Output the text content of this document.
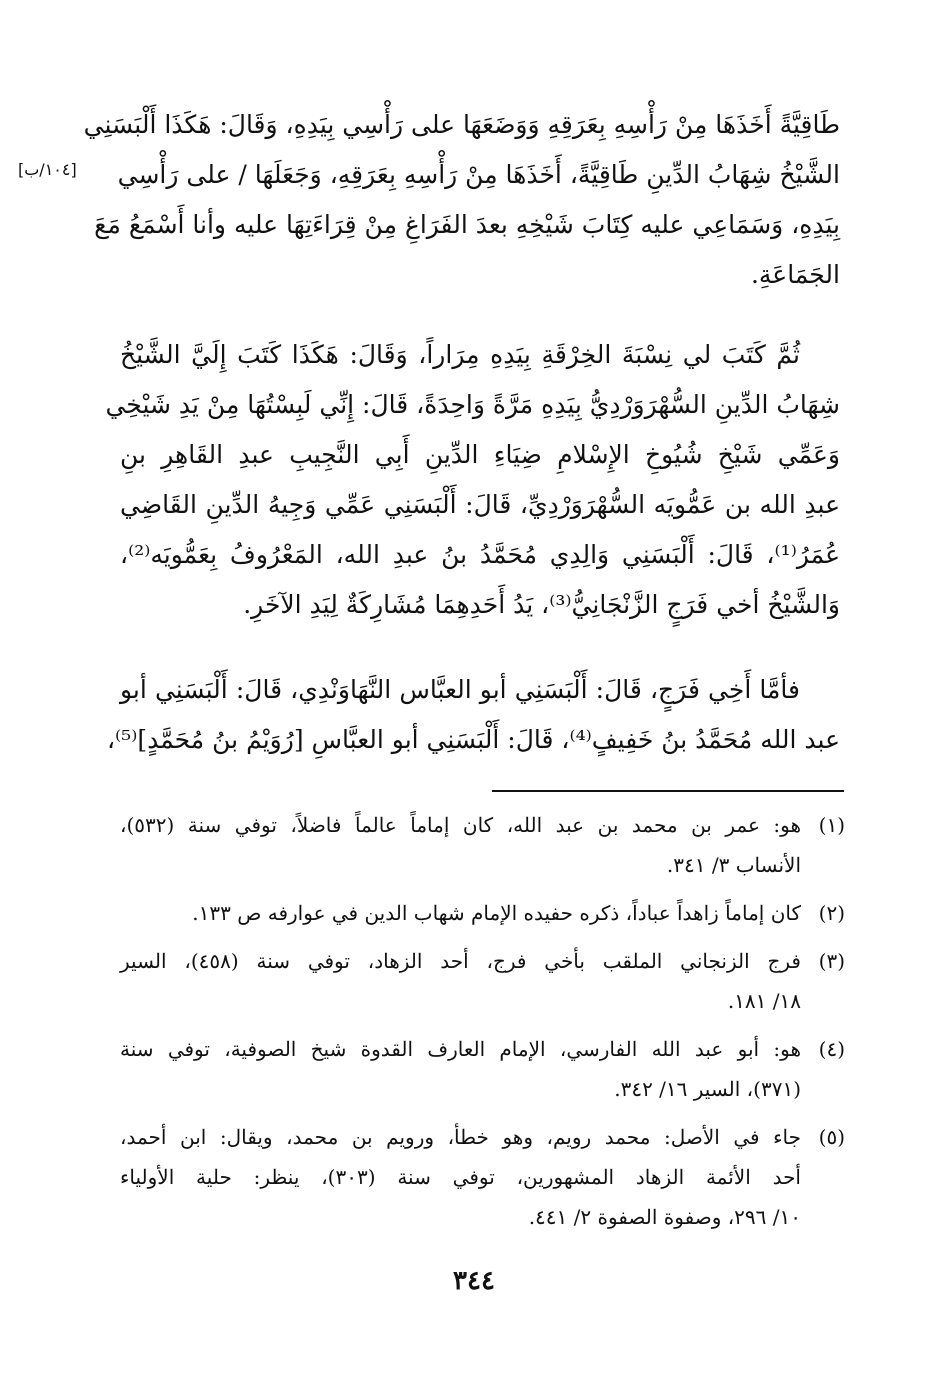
[١٠٤/ب]
طَاقِيَّةً أَخَذَهَا مِنْ رَأْسِهِ بِعَرَقِهِ وَوَضَعَهَا على رَأْسِي بِيَدِهِ، وَقَالَ: هَكَذَا أَلْبَسَنِي
الشَّيْخُ شِهَابُ الدِّينِ طَاقِيَّةً، أَخَذَهَا مِنْ رَأْسِهِ بِعَرَقِهِ، وَجَعَلَهَا / على رَأْسِي
بِيَدِهِ، وَسَمَاعِي عليه كِتَابَ شَيْخِهِ بعدَ الفَرَاغِ مِنْ قِرَاءَتِهَا عليه وأنا أَسْمَعُ مَعَ
الجَمَاعَةِ.
ثُمَّ كَتَبَ لي نِسْبَةَ الخِرْقَةِ بِيَدِهِ مِرَاراً، وَقَالَ: هَكَذَا كَتَبَ إِلَيَّ الشَّيْخُ
شِهَابُ الدِّينِ السُّهْرَوَرْدِيُّ بِيَدِهِ مَرَّةً وَاحِدَةً، قَالَ: إِنِّي لَبِسْتُهَا مِنْ يَدِ شَيْخِي
وَعَمِّي شَيْخِ شُيُوخِ الإِسْلامِ ضِيَاءِ الدِّينِ أَبِي النَّجِيبِ عبدِ القَاهِرِ بنِ
عبدِ الله بن عَمُّويَه السُّهْرَوَرْدِيِّ، قَالَ: أَلْبَسَنِي عَمِّي وَجِيهُ الدِّينِ القَاضِي
عُمَرُ⁽¹⁾، قَالَ: أَلْبَسَنِي وَالِدِي مُحَمَّدُ بنُ عبدِ الله، المَعْرُوفُ بِعَمُّويَه⁽²⁾،
وَالشَّيْخُ أخي فَرَجٍ الزَّنْجَانِيُّ⁽³⁾، يَدُ أَحَدِهِمَا مُشَارِكَةٌ لِيَدِ الآخَرِ.
فأمَّا أَخِي فَرَجٍ، قَالَ: أَلْبَسَنِي أبو العبَّاس النَّهَاوَنْدِي، قَالَ: أَلْبَسَنِي أبو
عبد الله مُحَمَّدُ بنُ خَفِيفٍ⁽⁴⁾، قَالَ: أَلْبَسَنِي أبو العبَّاسِ [رُوَيْمُ بنُ مُحَمَّدٍ]⁽⁵⁾،
(١)
هو: عمر بن محمد بن عبد الله، كان إماماً عالماً فاضلاً، توفي سنة (٥٣٢)،
الأنساب ٣/ ٣٤١.
(٢)
كان إماماً زاهداً عباداً، ذكره حفيده الإمام شهاب الدين في عوارفه ص ١٣٣.
(٣)
فرج الزنجاني الملقب بأخي فرج، أحد الزهاد، توفي سنة (٤٥٨)، السير
١٨/ ١٨١.
(٤)
هو: أبو عبد الله الفارسي، الإمام العارف القدوة شيخ الصوفية، توفي سنة
(٣٧١)، السير ١٦/ ٣٤٢.
(٥)
جاء في الأصل: محمد رويم، وهو خطأ، ورويم بن محمد، ويقال: ابن أحمد،
أحد الأئمة الزهاد المشهورين، توفي سنة (٣٠٣)، ينظر: حلية الأولياء
١٠/ ٢٩٦، وصفوة الصفوة ٢/ ٤٤١.
٣٤٤
